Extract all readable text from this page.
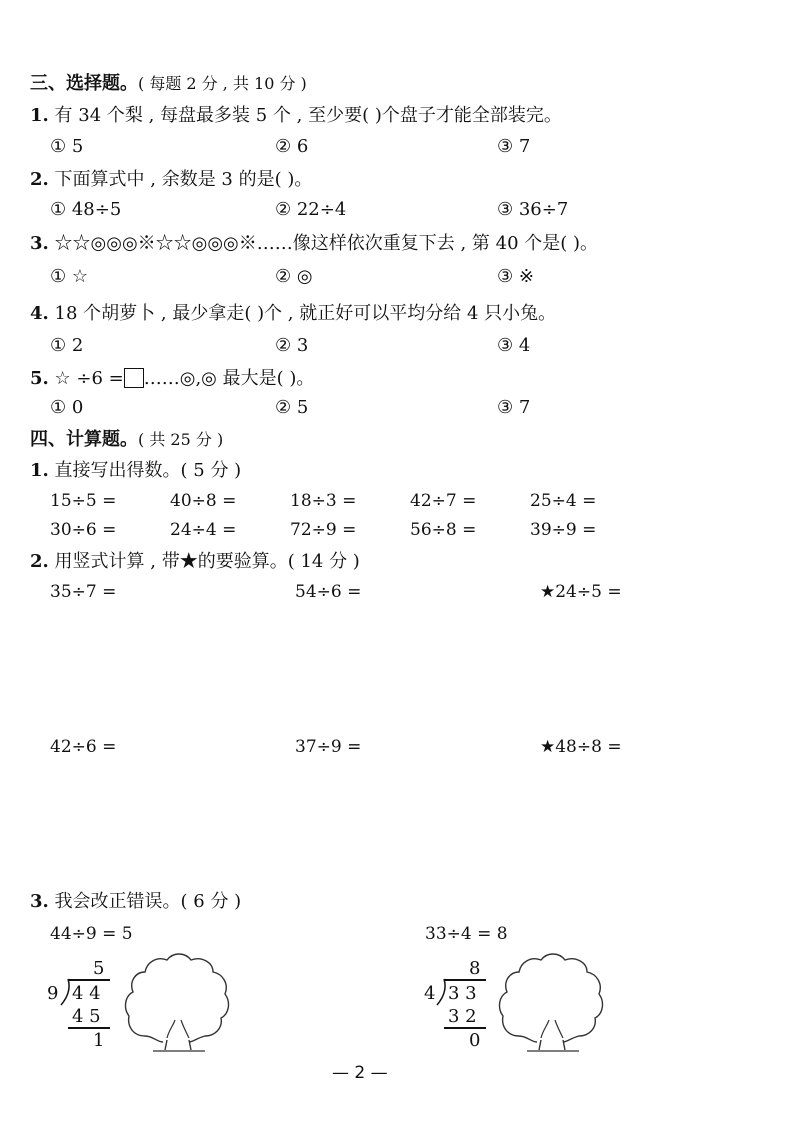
三、选择题。( 每题 2 分 , 共 10 分 )
1. 有 34 个梨 , 每盘最多装 5 个 , 至少要( )个盘子才能全部装完。
① 5	② 6	③ 7
2. 下面算式中 , 余数是 3 的是( )。
① 48÷5	② 22÷4	③ 36÷7
3. ☆☆◎◎◎※☆☆◎◎◎※……像这样依次重复下去 , 第 40 个是( )。
① ☆	② ◎	③ ※
4. 18 个胡萝卜 , 最少拿走( )个 , 就正好可以平均分给 4 只小兔。
① 2	② 3	③ 4
5. ☆ ÷6 = ……◎,◎ 最大是( )。
① 0	② 5	③ 7
四、计算题。( 共 25 分 )
1. 直接写出得数。( 5 分 )
15÷5 =	40÷8 =	18÷3 =	42÷7 =	25÷4 =
30÷6 =	24÷4 =	72÷9 =	56÷8 =	39÷9 =
2. 用竖式计算 , 带★的要验算。( 14 分 )
35÷7 =	54÷6 =	★24÷5 =
42÷6 =	37÷9 =	★48÷8 =
3. 我会改正错误。( 6 分 )
44÷9 = 5
5
9 4 4
4 5
1
33÷4 = 8
8
4 3 3
3 2
0
— 2 —
